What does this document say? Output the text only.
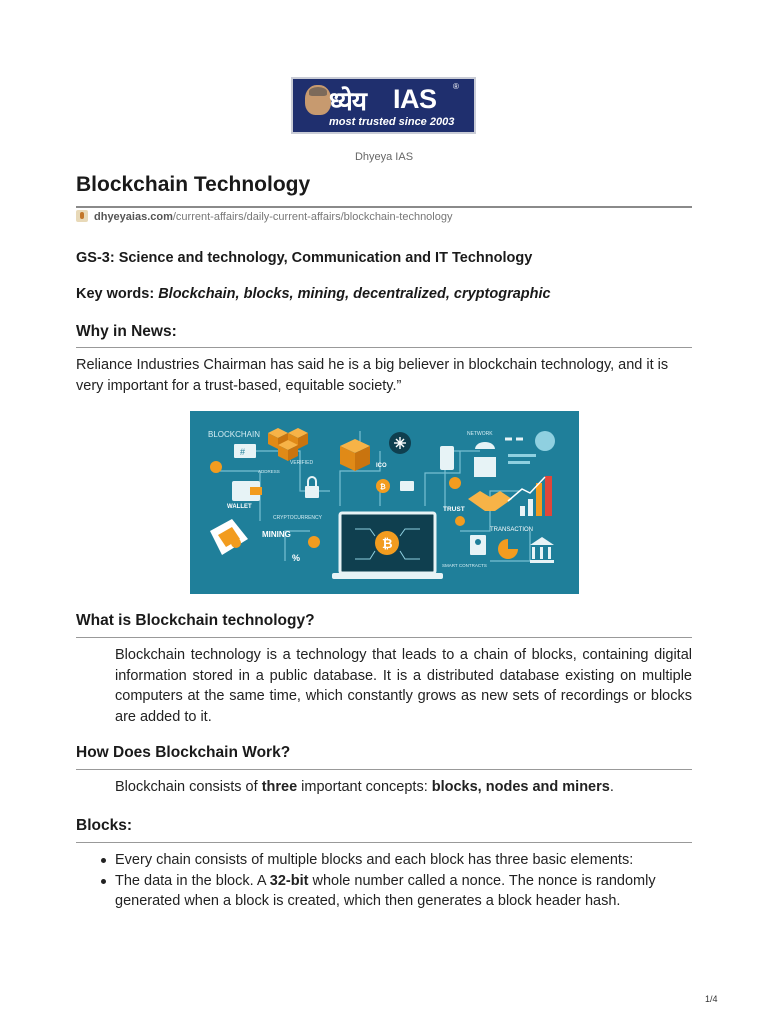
ध्येय IAS ®
most trusted since 2003
Dhyeya IAS
Blockchain Technology
dhyeyaias.com/current-affairs/daily-current-affairs/blockchain-technology
GS-3: Science and technology, Communication and IT Technology
Key words: Blockchain, blocks, mining, decentralized, cryptographic
Why in News:

Reliance Industries Chairman has said he is a big believer in blockchain technology, and it is very important for a trust-based, equitable society.”

BLOCKCHAIN
#
VERIFIED
ADDRESS
WALLET
ICO
₿
CRYPTOCURRENCY
MINING
%
₿
NETWORK
TRUST
TRANSACTION
SMART CONTRACTS
What is Blockchain technology?

Blockchain technology is a technology that leads to a chain of blocks, containing digital information stored in a public database. It is a distributed database existing on multiple computers at the same time, which constantly grows as new sets of recordings or blocks are added to it.

How Does Blockchain Work?

Blockchain consists of three important concepts: blocks, nodes and miners.

Blocks:
Every chain consists of multiple blocks and each block has three basic elements:
The data in the block. A 32-bit whole number called a nonce. The nonce is randomly generated when a block is created, which then generates a block header hash.
1/4
